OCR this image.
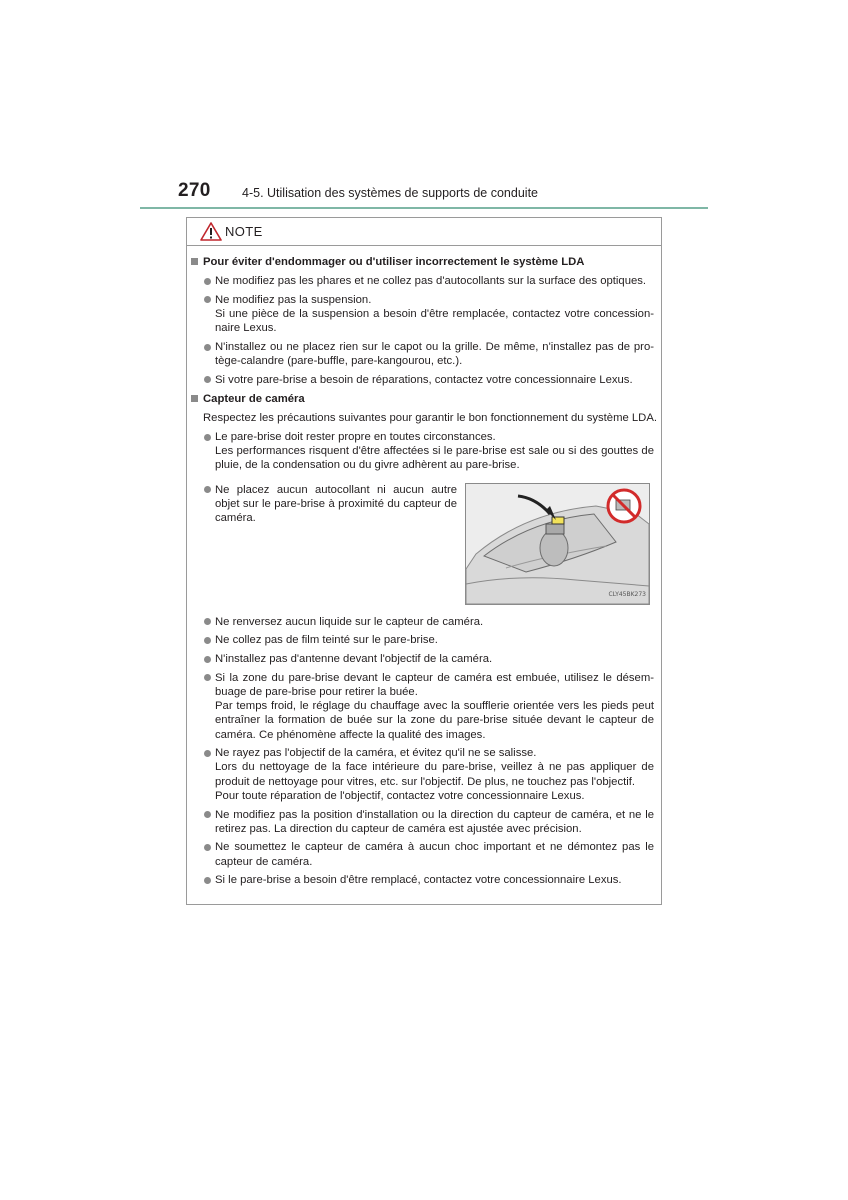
270	4-5. Utilisation des systèmes de supports de conduite
NOTE
Pour éviter d'endommager ou d'utiliser incorrectement le système LDA
Ne modifiez pas les phares et ne collez pas d'autocollants sur la surface des optiques.
Ne modifiez pas la suspension.
Si une pièce de la suspension a besoin d'être remplacée, contactez votre concession-naire Lexus.
N'installez ou ne placez rien sur le capot ou la grille. De même, n'installez pas de pro-tège-calandre (pare-buffle, pare-kangourou, etc.).
Si votre pare-brise a besoin de réparations, contactez votre concessionnaire Lexus.
Capteur de caméra
Respectez les précautions suivantes pour garantir le bon fonctionnement du système LDA.
Le pare-brise doit rester propre en toutes circonstances.
Les performances risquent d'être affectées si le pare-brise est sale ou si des gouttes de pluie, de la condensation ou du givre adhèrent au pare-brise.
Ne placez aucun autocollant ni aucun autre objet sur le pare-brise à proximité du capteur de caméra.
CLY45BK273
Ne renversez aucun liquide sur le capteur de caméra.
Ne collez pas de film teinté sur le pare-brise.
N'installez pas d'antenne devant l'objectif de la caméra.
Si la zone du pare-brise devant le capteur de caméra est embuée, utilisez le désem-buage de pare-brise pour retirer la buée.
Par temps froid, le réglage du chauffage avec la soufflerie orientée vers les pieds peut entraîner la formation de buée sur la zone du pare-brise située devant le capteur de caméra. Ce phénomène affecte la qualité des images.
Ne rayez pas l'objectif de la caméra, et évitez qu'il ne se salisse.
Lors du nettoyage de la face intérieure du pare-brise, veillez à ne pas appliquer de produit de nettoyage pour vitres, etc. sur l'objectif. De plus, ne touchez pas l'objectif.
Pour toute réparation de l'objectif, contactez votre concessionnaire Lexus.
Ne modifiez pas la position d'installation ou la direction du capteur de caméra, et ne le retirez pas. La direction du capteur de caméra est ajustée avec précision.
Ne soumettez le capteur de caméra à aucun choc important et ne démontez pas le capteur de caméra.
Si le pare-brise a besoin d'être remplacé, contactez votre concessionnaire Lexus.
